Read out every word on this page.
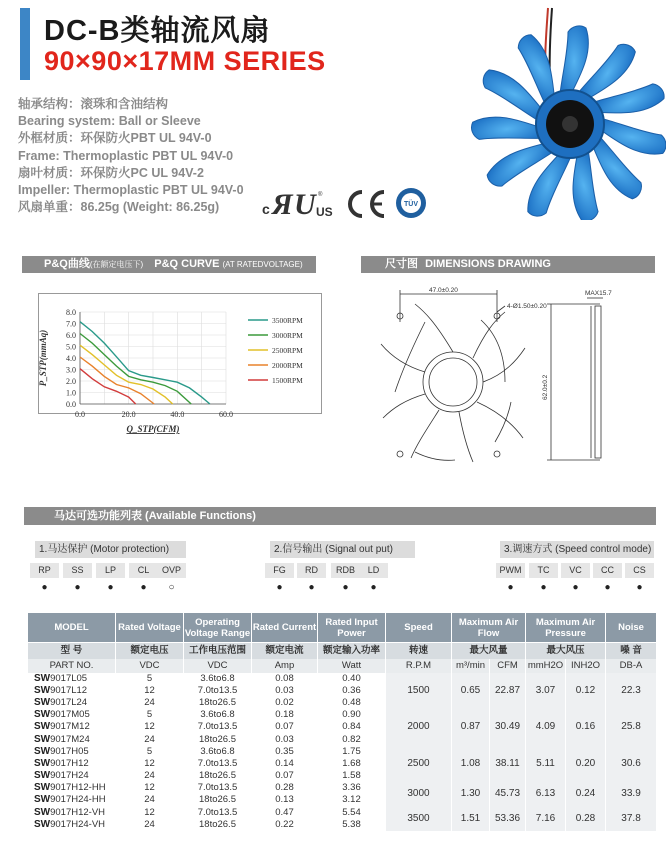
DC-B类轴流风扇
90×90×17MM SERIES
轴承结构：滚珠和含油结构
Bearing system: Ball or Sleeve
外框材质：环保防火PBT UL 94V-0
Frame: Thermoplastic PBT UL 94V-0
扇叶材质：环保防火PC UL 94V-2
Impeller: Thermoplastic PBT UL 94V-0
风扇单重：86.25g (Weight: 86.25g)	c Я U US
®
TÜV
P&Q曲线(在额定电压下) P&Q CURVE (AT RATEDVOLTAGE)	尺寸图 DIMENSIONS DRAWING
0.0
1.0
2.0
3.0
4.0
5.0
6.0
7.0
8.0
0.0	20.0	40.0	60.0
3500RPM
3000RPM
2500RPM
2000RPM
1500RPM
Q_STP(CFM)
P_STP(mmAq)
47.0±0.20
4-Ø1.50±0.20
MAX15.7
62.0±0.2
马达可选功能列表 (Available Functions)
1.马达保护 (Motor protection)	2.信号输出 (Signal out put)	3.调速方式 (Speed control mode)
RP	SS	LP	CL	OVP
●	●	●	●	○
FG	RD	RDB	LD
●	●	●	●
PWM	TC	VC	CC	CS
●	●	●	●	●
MODEL	Rated Voltage	Operating Voltage Range	Rated Current	Rated Input Power	Speed	Maximum Air Flow		Maximum Air Pressure		Noise
型 号	额定电压	工作电压范围	额定电流	额定输入功率	转速	最大风量		最大风压		噪 音
PART NO.	VDC	VDC	Amp	Watt	R.P.M	m³/min	CFM	mmH2O	INH2O	DB-A
SW9017L05	5	3.6to6.8	0.08	0.40	1500	0.65	22.87	3.07	0.12	22.3
SW9017L12	12	7.0to13.5	0.03	0.36						
SW9017L24	24	18to26.5	0.02	0.48						
SW9017M05	5	3.6to6.8	0.18	0.90	2000	0.87	30.49	4.09	0.16	25.8
SW9017M12	12	7.0to13.5	0.07	0.84						
SW9017M24	24	18to26.5	0.03	0.82						
SW9017H05	5	3.6to6.8	0.35	1.75	2500	1.08	38.11	5.11	0.20	30.6
SW9017H12	12	7.0to13.5	0.14	1.68						
SW9017H24	24	18to26.5	0.07	1.58						
SW9017H12-HH	12	7.0to13.5	0.28	3.36	3000	1.30	45.73	6.13	0.24	33.9
SW9017H24-HH	24	18to26.5	0.13	3.12						
SW9017H12-VH	12	7.0to13.5	0.47	5.54	3500	1.51	53.36	7.16	0.28	37.8
SW9017H24-VH	24	18to26.5	0.22	5.38						
